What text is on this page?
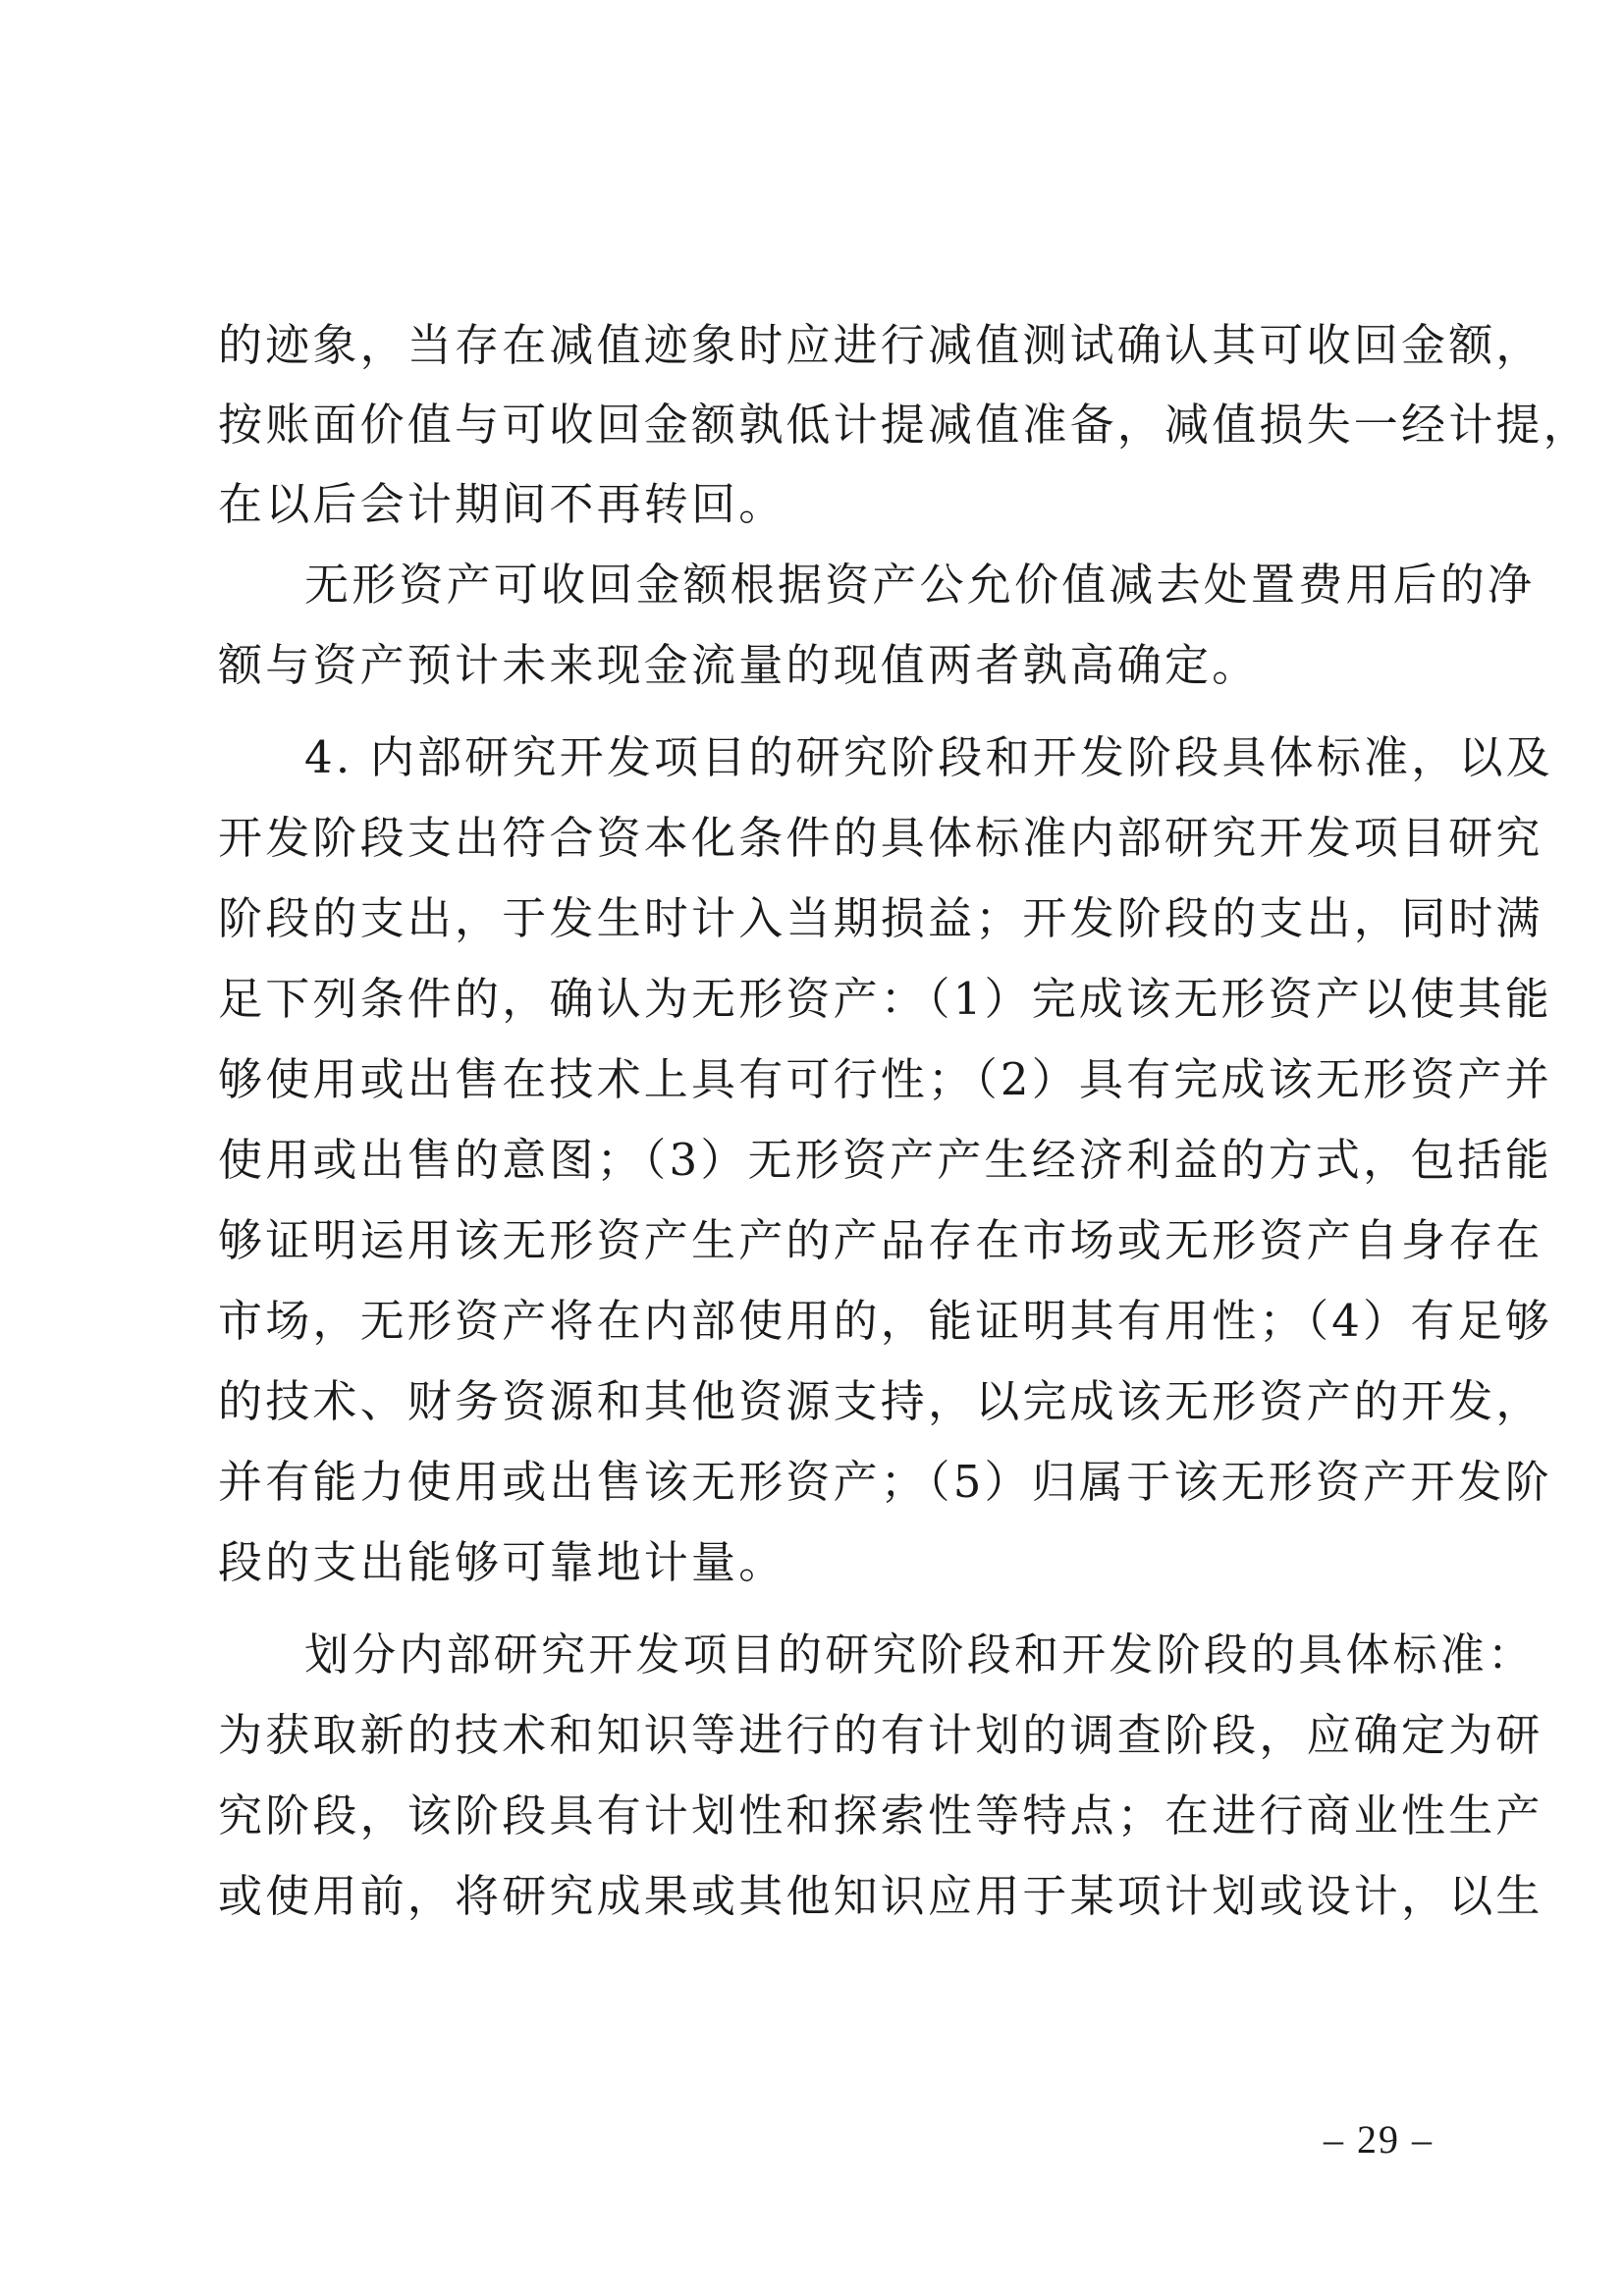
的迹象，当存在减值迹象时应进行减值测试确认其可收回金额，
按账面价值与可收回金额孰低计提减值准备，减值损失一经计提，
在以后会计期间不再转回。
无形资产可收回金额根据资产公允价值减去处置费用后的净
额与资产预计未来现金流量的现值两者孰高确定。
4. 内部研究开发项目的研究阶段和开发阶段具体标准，以及
开发阶段支出符合资本化条件的具体标准内部研究开发项目研究
阶段的支出，于发生时计入当期损益；开发阶段的支出，同时满
足下列条件的，确认为无形资产：（1）完成该无形资产以使其能
够使用或出售在技术上具有可行性；（2）具有完成该无形资产并
使用或出售的意图；（3）无形资产产生经济利益的方式，包括能
够证明运用该无形资产生产的产品存在市场或无形资产自身存在
市场，无形资产将在内部使用的，能证明其有用性；（4）有足够
的技术、财务资源和其他资源支持，以完成该无形资产的开发，
并有能力使用或出售该无形资产；（5）归属于该无形资产开发阶
段的支出能够可靠地计量。
划分内部研究开发项目的研究阶段和开发阶段的具体标准：
为获取新的技术和知识等进行的有计划的调查阶段，应确定为研
究阶段，该阶段具有计划性和探索性等特点；在进行商业性生产
或使用前，将研究成果或其他知识应用于某项计划或设计，以生
– 29 –
